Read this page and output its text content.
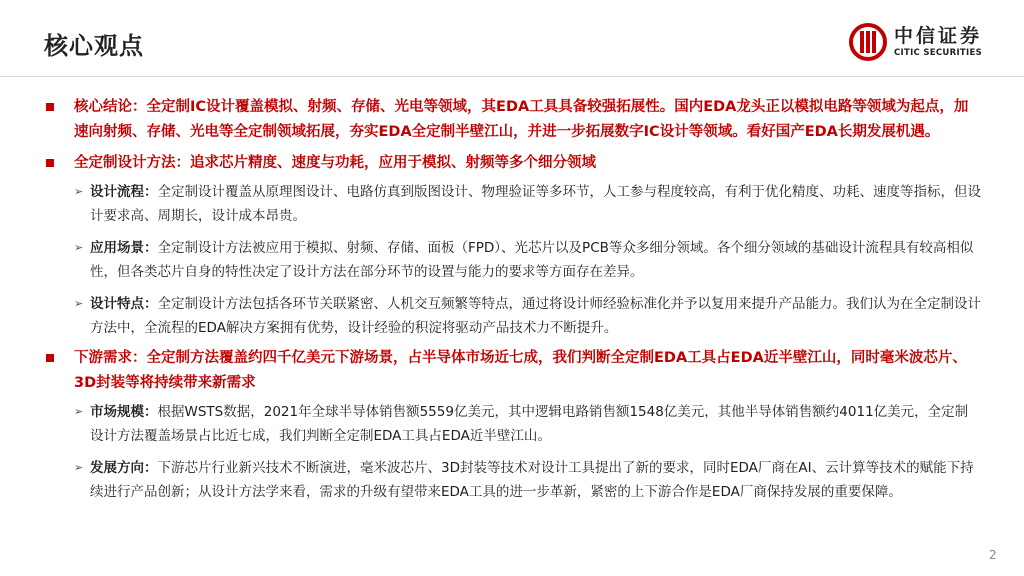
核心观点	中信证券
CITIC SECURITIES
核心结论：全定制IC设计覆盖模拟、射频、存储、光电等领域，其EDA工具具备较强拓展性。国内EDA龙头正以模拟电路等领域为起点，加速向射频、存储、光电等全定制领域拓展，夯实EDA全定制半壁江山，并进一步拓展数字IC设计等领域。看好国产EDA长期发展机遇。
全定制设计方法：追求芯片精度、速度与功耗，应用于模拟、射频等多个细分领域
➢ 设计流程：全定制设计覆盖从原理图设计、电路仿真到版图设计、物理验证等多环节，人工参与程度较高，有利于优化精度、功耗、速度等指标，但设计要求高、周期长，设计成本昂贵。
➢ 应用场景：全定制设计方法被应用于模拟、射频、存储、面板（FPD）、光芯片以及PCB等众多细分领域。各个细分领域的基础设计流程具有较高相似性，但各类芯片自身的特性决定了设计方法在部分环节的设置与能力的要求等方面存在差异。
➢ 设计特点：全定制设计方法包括各环节关联紧密、人机交互频繁等特点，通过将设计师经验标准化并予以复用来提升产品能力。我们认为在全定制设计方法中，全流程的EDA解决方案拥有优势，设计经验的积淀将驱动产品技术力不断提升。
下游需求：全定制方法覆盖约四千亿美元下游场景，占半导体市场近七成，我们判断全定制EDA工具占EDA近半壁江山，同时毫米波芯片、3D封装等将持续带来新需求
➢ 市场规模：根据WSTS数据，2021年全球半导体销售额5559亿美元，其中逻辑电路销售额1548亿美元，其他半导体销售额约4011亿美元，全定制设计方法覆盖场景占比近七成，我们判断全定制EDA工具占EDA近半壁江山。
➢ 发展方向：下游芯片行业新兴技术不断演进，毫米波芯片、3D封装等技术对设计工具提出了新的要求，同时EDA厂商在AI、云计算等技术的赋能下持续进行产品创新；从设计方法学来看，需求的升级有望带来EDA工具的进一步革新，紧密的上下游合作是EDA厂商保持发展的重要保障。
2
